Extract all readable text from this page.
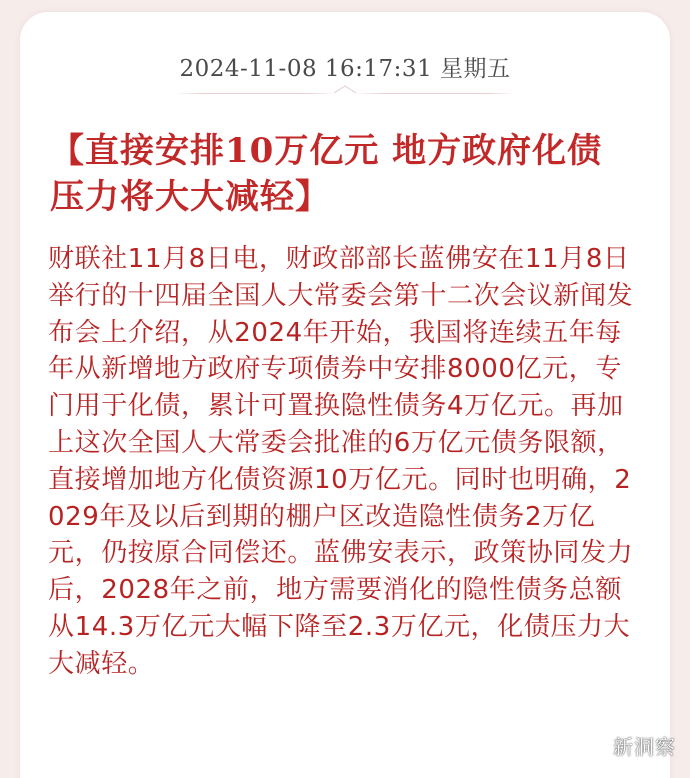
2024-11-08 16:17:31 星期五
【直接安排10万亿元 地方政府化债压力将大大减轻】
财联社11月8日电，财政部部长蓝佛安在11月8日举行的十四届全国人大常委会第十二次会议新闻发布会上介绍，从2024年开始，我国将连续五年每年从新增地方政府专项债券中安排8000亿元，专门用于化债，累计可置换隐性债务4万亿元。再加上这次全国人大常委会批准的6万亿元债务限额，直接增加地方化债资源10万亿元。同时也明确，2029年及以后到期的棚户区改造隐性债务2万亿元，仍按原合同偿还。蓝佛安表示，政策协同发力后，2028年之前，地方需要消化的隐性债务总额从14.3万亿元大幅下降至2.3万亿元，化债压力大大减轻。
新洞察
